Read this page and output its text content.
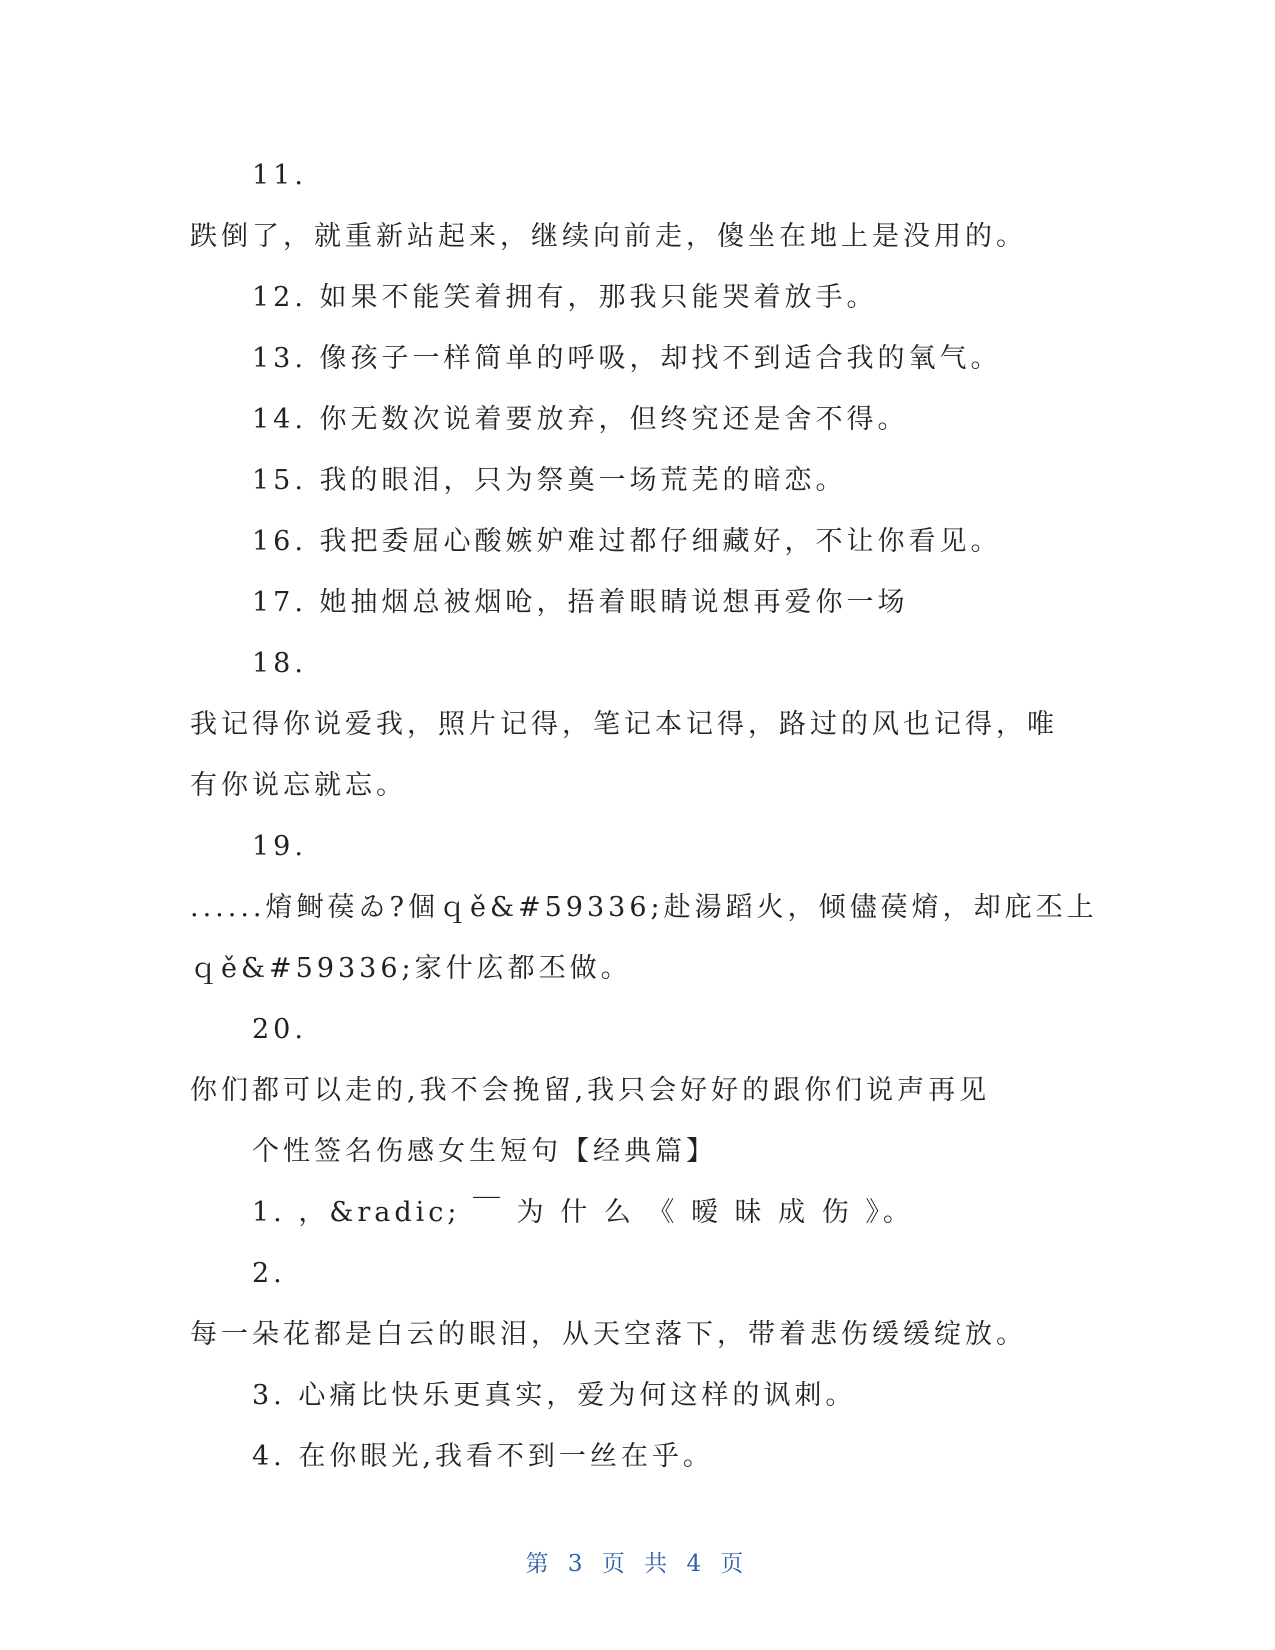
11.
跌倒了，就重新站起来，继续向前走，傻坐在地上是没用的。
12. 如果不能笑着拥有，那我只能哭着放手。
13. 像孩子一样简单的呼吸，却找不到适合我的氧气。
14. 你无数次说着要放弃，但终究还是舍不得。
15. 我的眼泪，只为祭奠一场荒芜的暗恋。
16. 我把委屈心酸嫉妒难过都仔细藏好，不让你看见。
17. 她抽烟总被烟呛，捂着眼睛说想再爱你一场
18.
我记得你说爱我，照片记得，笔记本记得，路过的风也记得，唯
有你说忘就忘。
19.
......焴鲥葔ゐ?個ｑě&#59336;赴湯蹈火，倾儘葔焴，却庇丕上
ｑě&#59336;家什庅都丕做。
20.
你们都可以走的,我不会挽留,我只会好好的跟你们说声再见
个性签名伤感女生短句【经典篇】
1. ，&radic; ￣ 为 什 么 《 暧 昧 成 伤 》。
2.
每一朵花都是白云的眼泪，从天空落下，带着悲伤缓缓绽放。
3. 心痛比快乐更真实，爱为何这样的讽刺。
4. 在你眼光,我看不到一丝在乎。
第 3 页 共 4 页
